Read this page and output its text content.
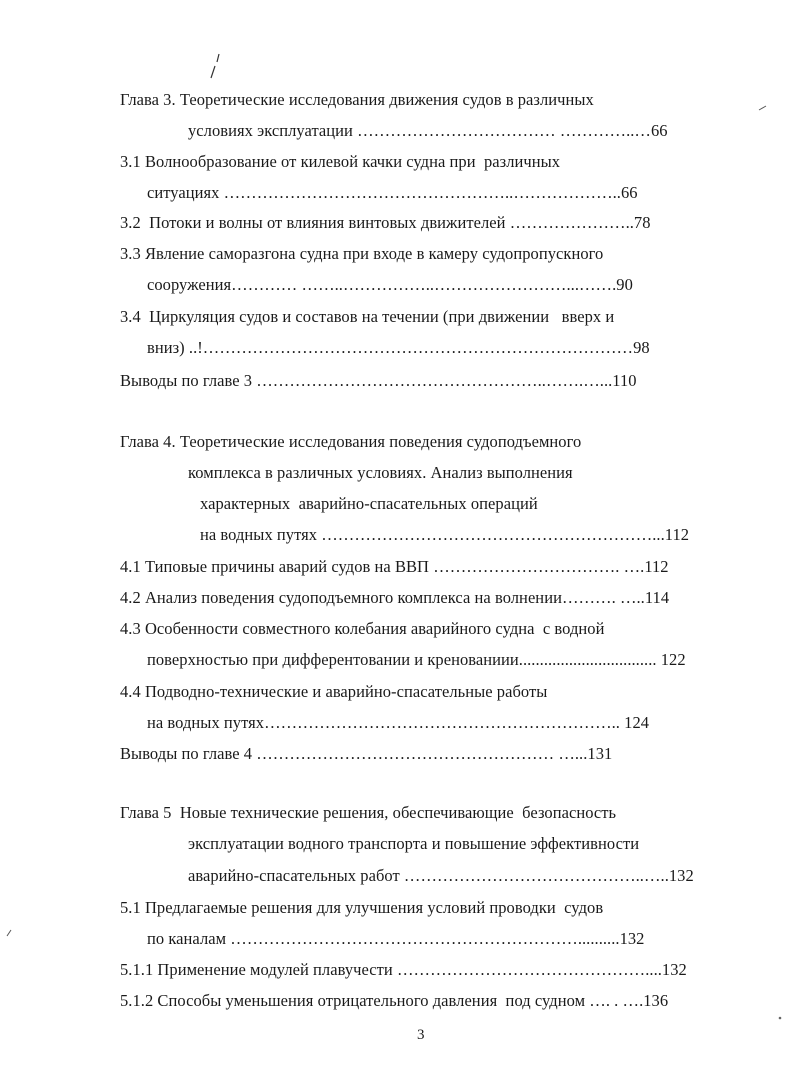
Глава 3. Теоретические исследования движения судов в различных
условиях эксплуатации ……………………………… …………..…66
3.1 Волнообразование от килевой качки судна при  различных
ситуациях ……………………………………………..………………..66
3.2  Потоки и волны от влияния винтовых движителей …………………..78
3.3 Явление саморазгона судна при входе в камеру судопропускного
сооружения………… ……..……………..……………………...…….90
3.4  Циркуляция судов и составов на течении (при движении   вверх и
вниз) ..!……………………………………………………………………98
Выводы по главе 3 ……………………………………………..…….…...110
Глава 4. Теоретические исследования поведения судоподъемного
комплекса в различных условиях. Анализ выполнения
характерных  аварийно-спасательных операций
на водных путях ……………………………………………………...112
4.1 Типовые причины аварий судов на ВВП ……………………………. ….112
4.2 Анализ поведения судоподъемного комплекса на волнении………. …..114
4.3 Особенности совместного колебания аварийного судна  с водной
поверхностью при дифферентовании и кренованиии................................. 122
4.4 Подводно-технические и аварийно-спасательные работы
на водных путях……………………………………………………….. 124
Выводы по главе 4 ……………………………………………… …...131
Глава 5  Новые технические решения, обеспечивающие  безопасность
эксплуатации водного транспорта и повышение эффективности
аварийно-спасательных работ ……………………………………..…..132
5.1 Предлагаемые решения для улучшения условий проводки  судов
по каналам ………………………………………………………..........132
5.1.1 Применение модулей плавучести ………………………………………....132
5.1.2 Способы уменьшения отрицательного давления  под судном …. . ….136
3
